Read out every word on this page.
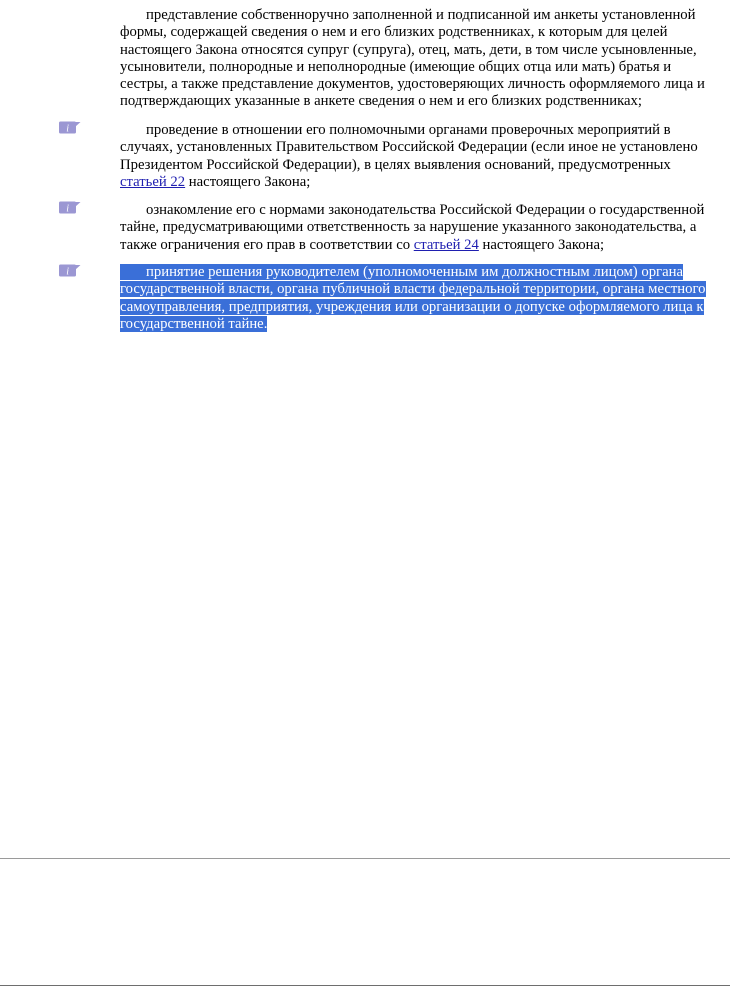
представление собственноручно заполненной и подписанной им анкеты установленной формы, содержащей сведения о нем и его близких родственниках, к которым для целей настоящего Закона относятся супруг (супруга), отец, мать, дети, в том числе усыновленные, усыновители, полнородные и неполнородные (имеющие общих отца или мать) братья и сестры, а также представление документов, удостоверяющих личность оформляемого лица и подтверждающих указанные в анкете сведения о нем и его близких родственниках;

i	проведение в отношении его полномочными органами проверочных мероприятий в случаях, установленных Правительством Российской Федерации (если иное не установлено Президентом Российской Федерации), в целях выявления оснований, предусмотренных статьей 22 настоящего Закона;

i	ознакомление его с нормами законодательства Российской Федерации о государственной тайне, предусматривающими ответственность за нарушение указанного законодательства, а также ограничения его прав в соответствии со статьей 24 настоящего Закона;

i	принятие решения руководителем (уполномоченным им должностным лицом) органа государственной власти, органа публичной власти федеральной территории, органа местного самоуправления, предприятия, учреждения или организации о допуске оформляемого лица к государственной тайне.
